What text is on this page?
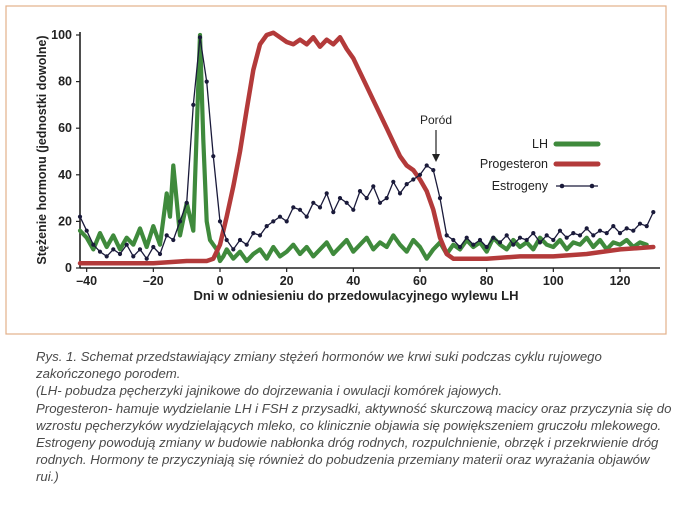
–40	–20	0	20	40	60	80	100	120
0
20
40
60
80
100
Stężenie hormonu (jednostki dowolne)
Dni w odniesieniu do przedowulacyjnego wylewu LH
Poród
LH
Progesteron
Estrogeny

Rys. 1. Schemat przedstawiający zmiany stężeń hormonów we krwi suki podczas cyklu rujowego zakończonego porodem.

(LH- pobudza pęcherzyki jajnikowe do dojrzewania i owulacji komórek jajowych.

Progesteron- hamuje wydzielanie LH i FSH z przysadki, aktywność skurczową macicy oraz przyczynia się do wzrostu pęcherzyków wydzielających mleko, co klinicznie objawia się powiększeniem gruczołu mlekowego.

Estrogeny powodują zmiany w budowie nabłonka dróg rodnych, rozpulchnienie, obrzęk i przekrwienie dróg rodnych. Hormony te przyczyniają się również do pobudzenia przemiany materii oraz wyrażania objawów rui.)
